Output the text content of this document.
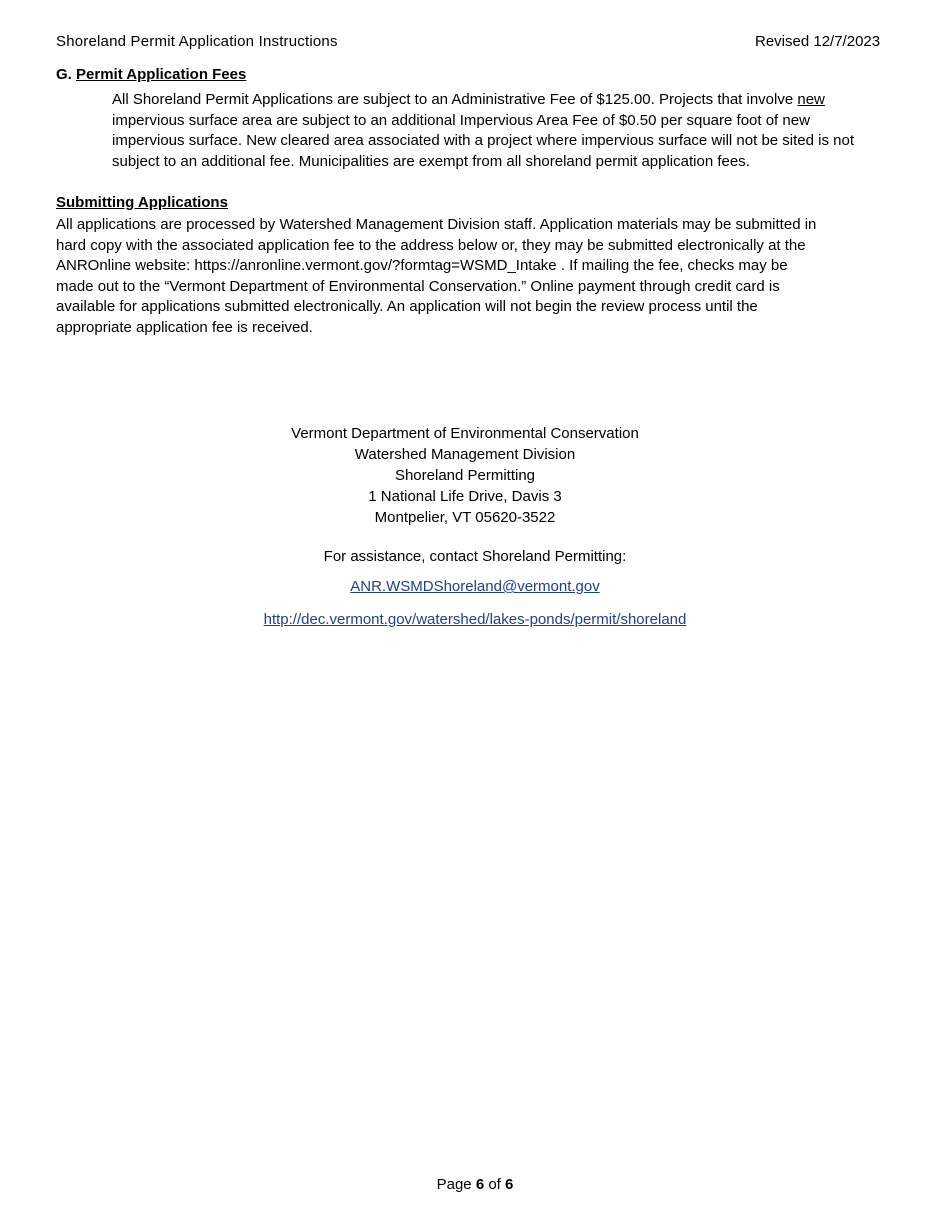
Shoreland Permit Application Instructions	Revised 12/7/2023
G. Permit Application Fees
All Shoreland Permit Applications are subject to an Administrative Fee of $125.00. Projects that involve new
impervious surface area are subject to an additional Impervious Area Fee of $0.50 per square foot of new
impervious surface. New cleared area associated with a project where impervious surface will not be sited is not
subject to an additional fee. Municipalities are exempt from all shoreland permit application fees.
Submitting Applications
All applications are processed by Watershed Management Division staff. Application materials may be submitted in
hard copy with the associated application fee to the address below or, they may be submitted electronically at the
ANROnline website: https://anronline.vermont.gov/?formtag=WSMD_Intake . If mailing the fee, checks may be
made out to the “Vermont Department of Environmental Conservation.” Online payment through credit card is
available for applications submitted electronically. An application will not begin the review process until the
appropriate application fee is received.
Vermont Department of Environmental Conservation
Watershed Management Division
Shoreland Permitting
1 National Life Drive, Davis 3
Montpelier, VT 05620-3522
For assistance, contact Shoreland Permitting:
ANR.WSMDShoreland@vermont.gov
http://dec.vermont.gov/watershed/lakes-ponds/permit/shoreland
Page 6 of 6
